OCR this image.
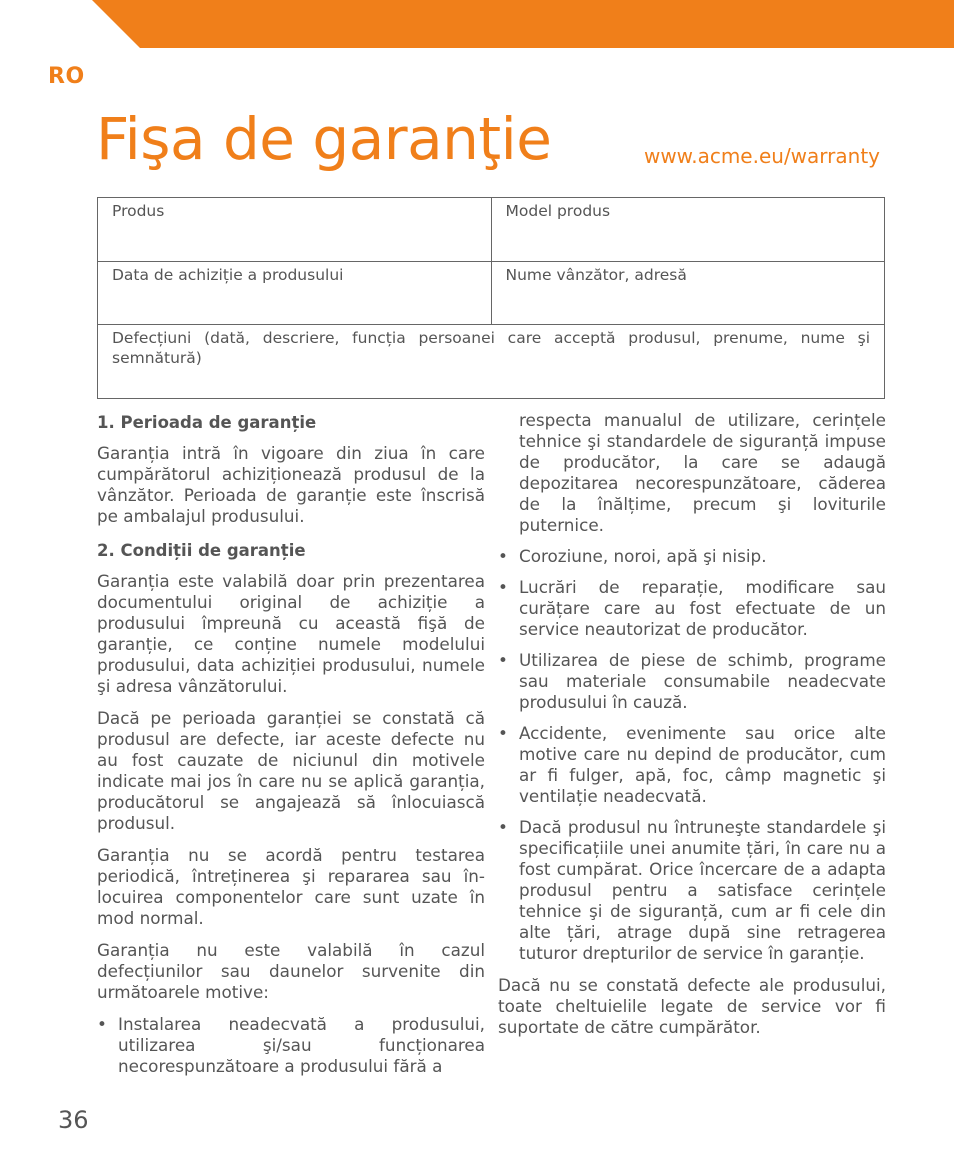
RO
Fişa de garanţie	www.acme.eu/warranty
Produs	Model produs
Data de achiziție a produsului	Nume vânzător, adresă
Defecțiuni (dată, descriere, funcția persoanei care acceptă produsul, prenume, nume şi semnătură)
1. Perioada de garanție

Garanția intră în vigoare din ziua în care cumpărătorul achiziționează produsul de la vânzător. Perioada de garanție este înscrisă pe ambalajul produsului.

2. Condiții de garanție

Garanția este valabilă doar prin prezentarea documentului original de achiziție a produsului împreună cu această fişă de garanție, ce conține numele modelului produsului, data achiziției produsului, numele şi adresa vânzătorului.

Dacă pe perioada garanției se constată că produsul are defecte, iar aceste defecte nu au fost cauzate de niciunul din motivele indicate mai jos în care nu se aplică garanția, producătorul se angajează să înlocuiască produsul.

Garanția nu se acordă pentru testarea periodică, întreținerea şi repararea sau în-locuirea componentelor care sunt uzate în mod normal.

Garanția nu este valabilă în cazul defecțiunilor sau daunelor survenite din următoarele motive:

• Instalarea neadecvată a produsului, utilizarea şi/sau funcționarea necorespunzătoare a produsului fără a
respecta manualul de utilizare, cerințele tehnice şi standardele de siguranță impuse de producător, la care se adaugă depozitarea necorespunzătoare, căderea de la înălțime, precum şi loviturile puternice.
• Coroziune, noroi, apă şi nisip.
• Lucrări de reparație, modificare sau curățare care au fost efectuate de un service neautorizat de producător.
• Utilizarea de piese de schimb, programe sau materiale consumabile neadecvate produsului în cauză.
• Accidente, evenimente sau orice alte motive care nu depind de producător, cum ar fi fulger, apă, foc, câmp magnetic şi ventilație neadecvată.
• Dacă produsul nu întruneşte standardele şi specificațiile unei anumite țări, în care nu a fost cumpărat. Orice încercare de a adapta produsul pentru a satisface cerințele tehnice şi de siguranță, cum ar fi cele din alte țări, atrage după sine retragerea tuturor drepturilor de service în garanție.

Dacă nu se constată defecte ale produsului, toate cheltuielile legate de service vor fi suportate de către cumpărător.

36
